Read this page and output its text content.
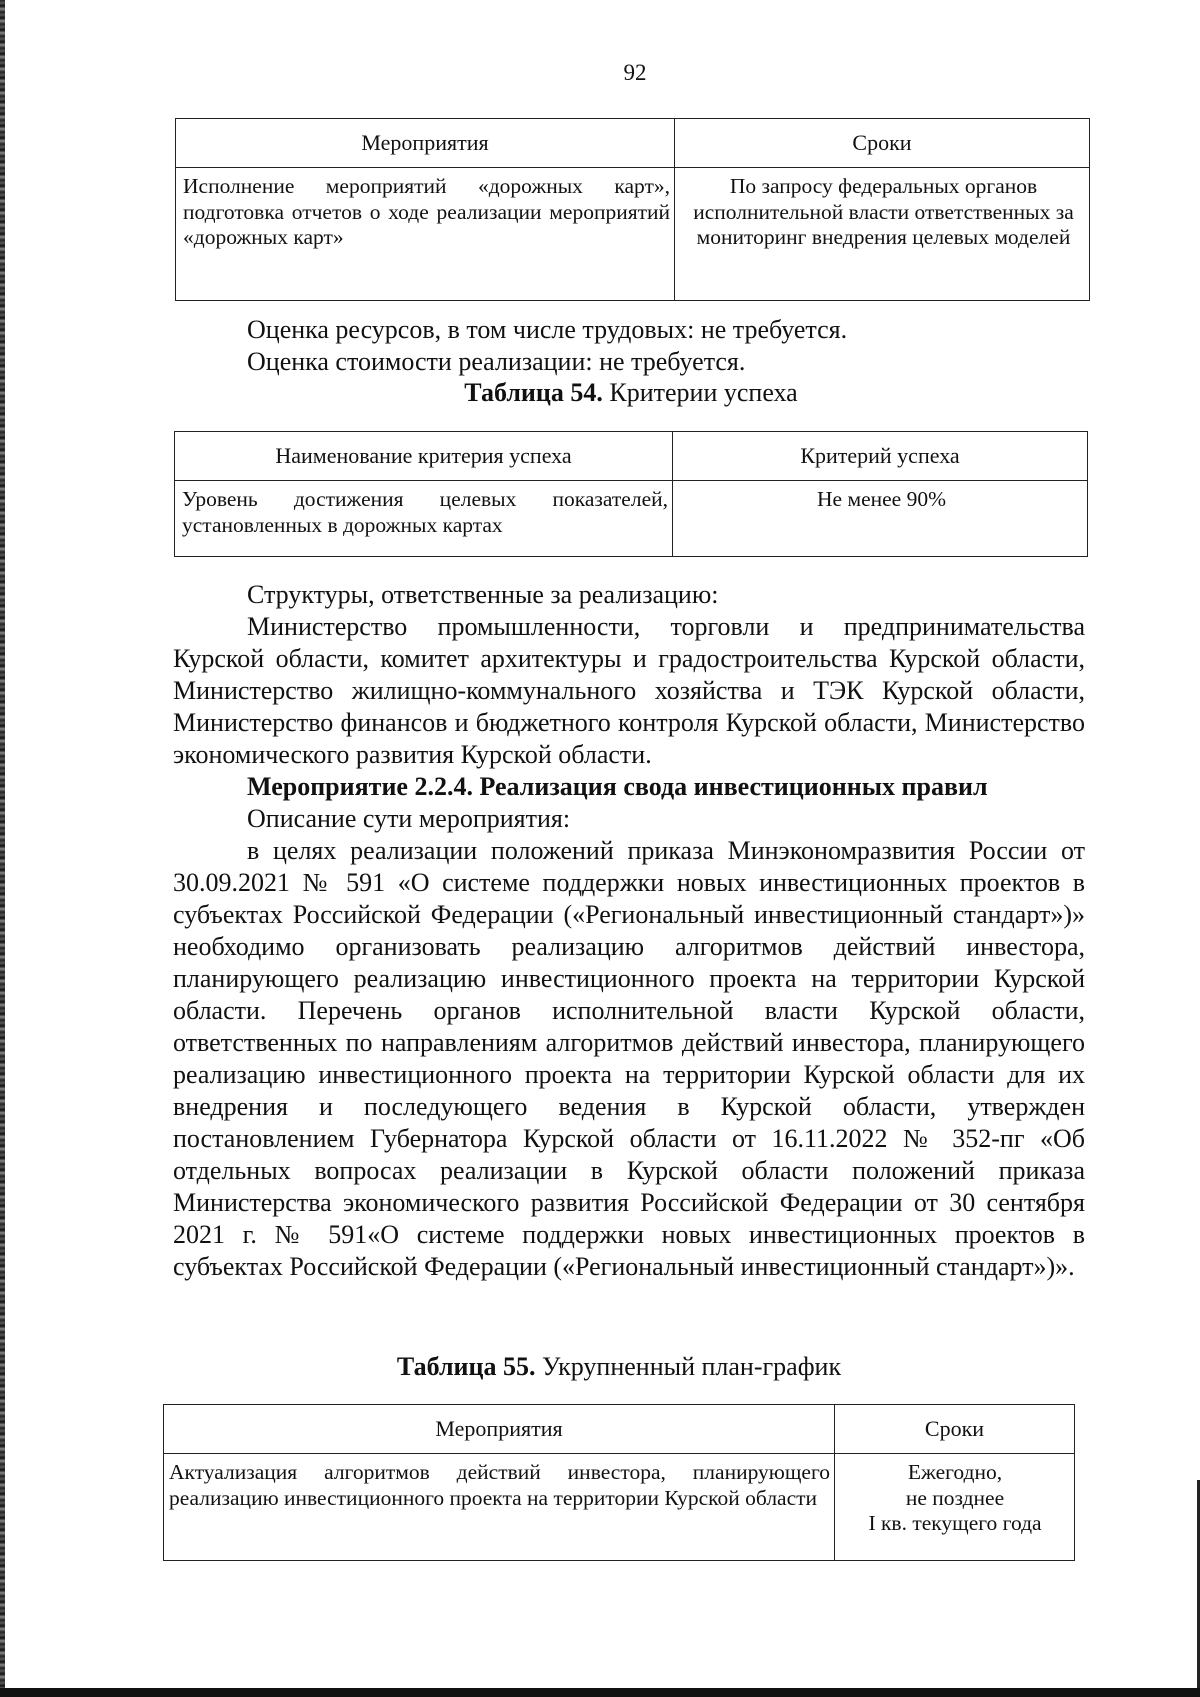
92
Мероприятия	Сроки
Исполнение мероприятий «дорожных карт», подготовка отчетов о ходе реализации мероприятий «дорожных карт»	По запросу федеральных органов исполнительной власти ответственных за мониторинг внедрения целевых моделей
Оценка ресурсов, в том числе трудовых: не требуется.
Оценка стоимости реализации: не требуется.
Таблица 54. Критерии успеха
Наименование критерия успеха	Критерий успеха
Уровень достижения целевых показателей, установленных в дорожных картах	Не менее 90%

Структуры, ответственные за реализацию:

Министерство промышленности, торговли и предпринимательства Курской области, комитет архитектуры и градостроительства Курской области, Министерство жилищно-коммунального хозяйства и ТЭК Курской области, Министерство финансов и бюджетного контроля Курской области, Министерство экономического развития Курской области.

Мероприятие 2.2.4. Реализация свода инвестиционных правил

Описание сути мероприятия:

в целях реализации положений приказа Минэкономразвития России от 30.09.2021 № 591 «О системе поддержки новых инвестиционных проектов в субъектах Российской Федерации («Региональный инвестиционный стандарт»)» необходимо организовать реализацию алгоритмов действий инвестора, планирующего реализацию инвестиционного проекта на территории Курской области. Перечень органов исполнительной власти Курской области, ответственных по направлениям алгоритмов действий инвестора, планирующего реализацию инвестиционного проекта на территории Курской области для их внедрения и последующего ведения в Курской области, утвержден постановлением Губернатора Курской области от 16.11.2022 № 352-пг «Об отдельных вопросах реализации в Курской области положений приказа Министерства экономического развития Российской Федерации от 30 сентября 2021 г. № 591«О системе поддержки новых инвестиционных проектов в субъектах Российской Федерации («Региональный инвестиционный стандарт»)».

Таблица 55. Укрупненный план-график
Мероприятия	Сроки
Актуализация алгоритмов действий инвестора, планирующего реализацию инвестиционного проекта на территории Курской области	Ежегодно,
не позднее
I кв. текущего года
